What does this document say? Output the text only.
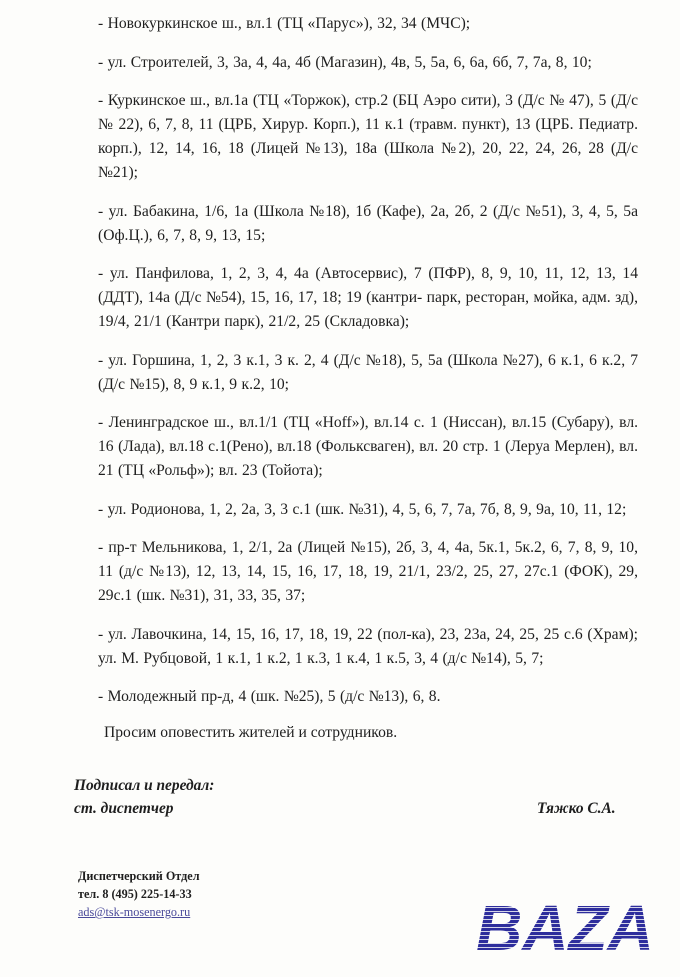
- Новокуркинское ш., вл.1 (ТЦ «Парус»), 32, 34 (МЧС);

- ул. Строителей, 3, 3а, 4, 4а, 4б (Магазин), 4в, 5, 5а, 6, 6а, 6б, 7, 7а, 8, 10;

- Куркинское ш., вл.1а (ТЦ «Торжок), стр.2 (БЦ Аэро сити), 3 (Д/с № 47), 5 (Д/с № 22), 6, 7, 8, 11 (ЦРБ, Хирур. Корп.), 11 к.1 (травм. пункт), 13 (ЦРБ. Педиатр. корп.), 12, 14, 16, 18 (Лицей №13), 18а (Школа №2), 20, 22, 24, 26, 28 (Д/с №21);

- ул. Бабакина, 1/6, 1а (Школа №18), 1б (Кафе), 2а, 2б, 2 (Д/с №51), 3, 4, 5, 5а (Оф.Ц.), 6, 7, 8, 9, 13, 15;

- ул. Панфилова, 1, 2, 3, 4, 4а (Автосервис), 7 (ПФР), 8, 9, 10, 11, 12, 13, 14 (ДДТ), 14а (Д/с №54), 15, 16, 17, 18; 19 (кантри- парк, ресторан, мойка, адм. зд), 19/4, 21/1 (Кантри парк), 21/2, 25 (Складовка);

- ул. Горшина, 1, 2, 3 к.1, 3 к. 2, 4 (Д/с №18), 5, 5а (Школа №27), 6 к.1, 6 к.2, 7 (Д/с №15), 8, 9 к.1, 9 к.2, 10;

- Ленинградское ш., вл.1/1 (ТЦ «Hoff»), вл.14 с. 1 (Ниссан), вл.15 (Субару), вл. 16 (Лада), вл.18 с.1(Рено), вл.18 (Фольксваген), вл. 20 стр. 1 (Леруа Мерлен), вл. 21 (ТЦ «Рольф»); вл. 23 (Тойота);

- ул. Родионова, 1, 2, 2а, 3, 3 с.1 (шк. №31), 4, 5, 6, 7, 7а, 7б, 8, 9, 9а, 10, 11, 12;

- пр-т Мельникова, 1, 2/1, 2а (Лицей №15), 2б, 3, 4, 4а, 5к.1, 5к.2, 6, 7, 8, 9, 10, 11 (д/с №13), 12, 13, 14, 15, 16, 17, 18, 19, 21/1, 23/2, 25, 27, 27с.1 (ФОК), 29, 29с.1 (шк. №31), 31, 33, 35, 37;

- ул. Лавочкина, 14, 15, 16, 17, 18, 19, 22 (пол-ка), 23, 23а, 24, 25, 25 с.6 (Храм); ул. М. Рубцовой, 1 к.1, 1 к.2, 1 к.3, 1 к.4, 1 к.5, 3, 4 (д/с №14), 5, 7;

- Молодежный пр-д, 4 (шк. №25), 5 (д/с №13), 6, 8.

Просим оповестить жителей и сотрудников.

Подписал и передал:

ст. диспетчер	Тяжко С.А.

Диспетчерский Отдел
тел. 8 (495) 225-14-33
ads@tsk-mosenergo.ru	BAZA
